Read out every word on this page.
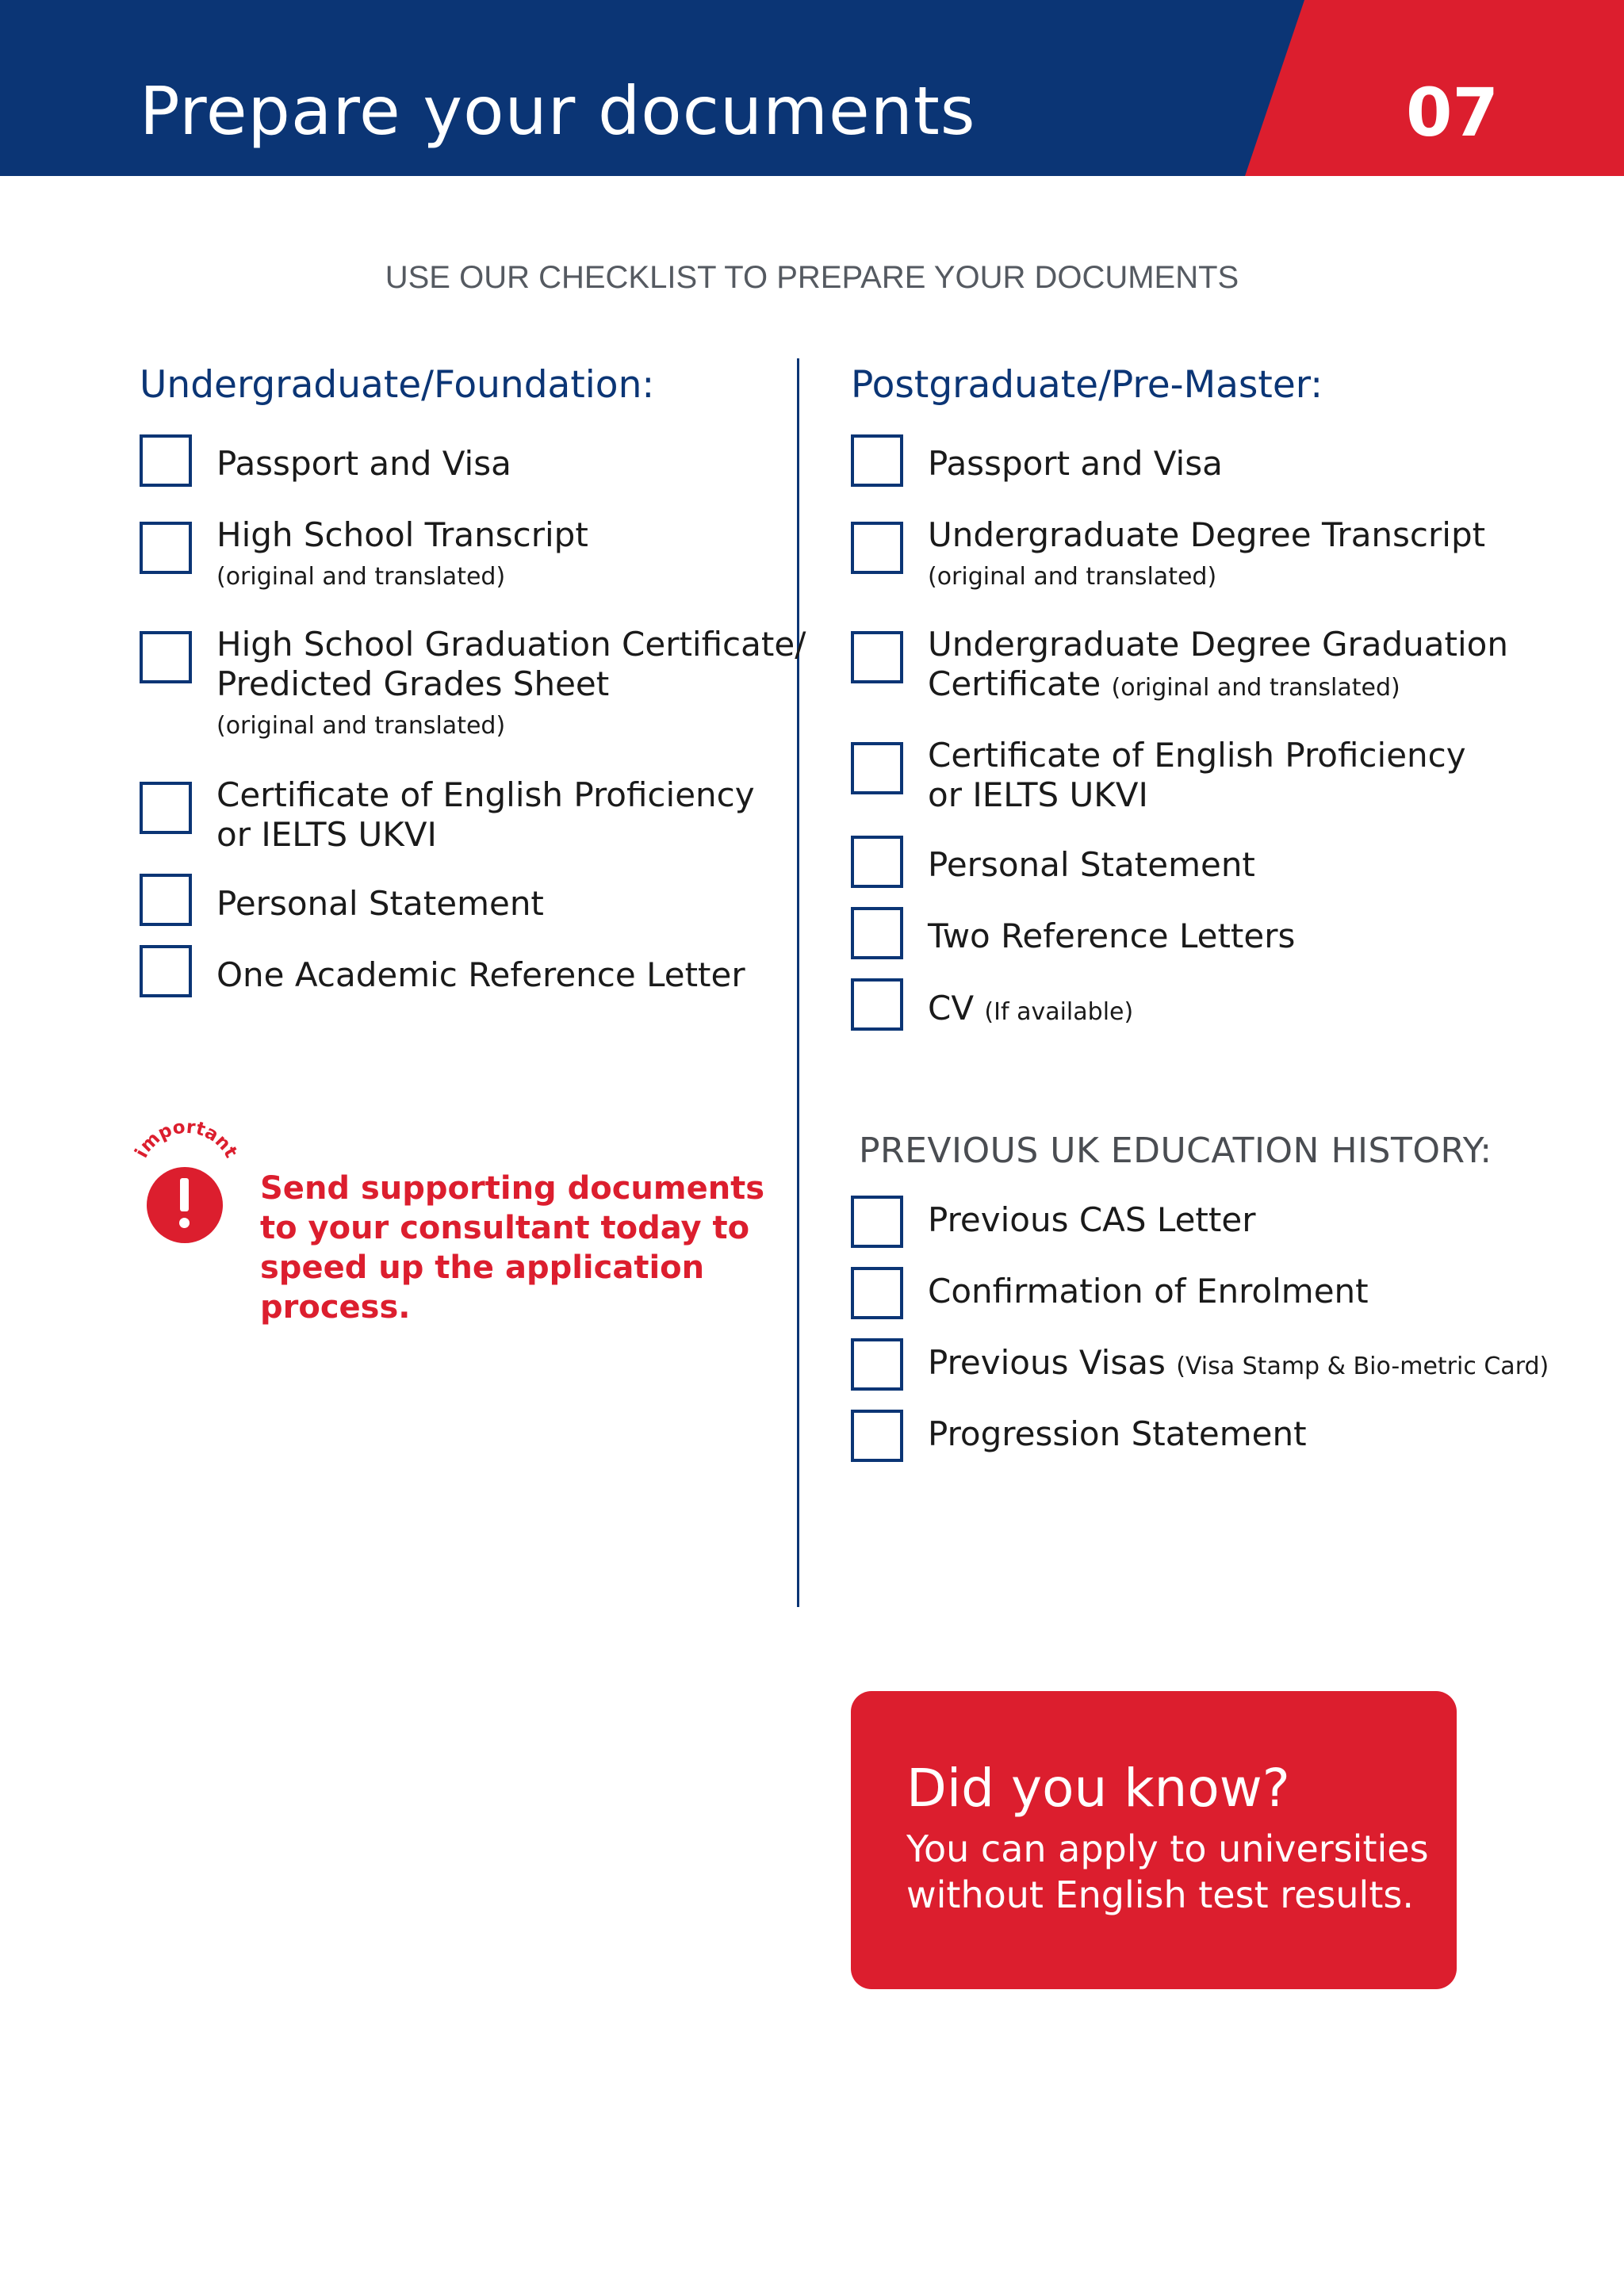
Prepare your documents	07
USE OUR CHECKLIST TO PREPARE YOUR DOCUMENTS
Undergraduate/Foundation:
Passport and Visa
High School Transcript
(original and translated)
High School Graduation Certificate/
Predicted Grades Sheet
(original and translated)
Certificate of English Proficiency
or IELTS UKVI
Personal Statement
One Academic Reference Letter
important
Send supporting documents
to your consultant today to
speed up the application
process.
Postgraduate/Pre-Master:
Passport and Visa
Undergraduate Degree Transcript
(original and translated)
Undergraduate Degree Graduation
Certificate (original and translated)
Certificate of English Proficiency
or IELTS UKVI
Personal Statement
Two Reference Letters
CV (If available)
PREVIOUS UK EDUCATION HISTORY:
Previous CAS Letter
Confirmation of Enrolment
Previous Visas (Visa Stamp & Bio-metric Card)
Progression Statement
Did you know?
You can apply to universities
without English test results.
